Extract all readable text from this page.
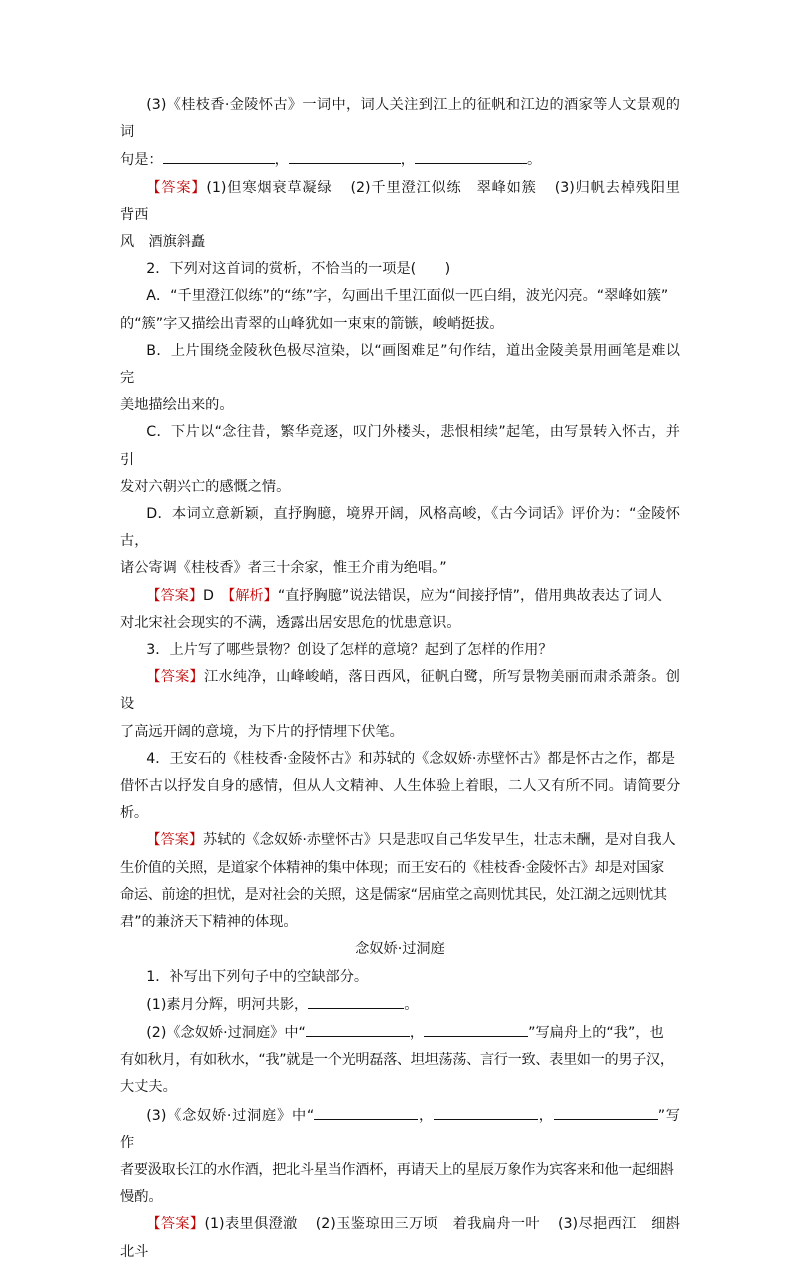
(3)《桂枝香·金陵怀古》一词中，词人关注到江上的征帆和江边的酒家等人文景观的词

句是：	，	，	。

【答案】(1)但寒烟衰草凝绿 (2)千里澄江似练　翠峰如簇 (3)归帆去棹残阳里　背西

风　酒旗斜矗

2．下列对这首词的赏析，不恰当的一项是(　　)

A．“千里澄江似练”的“练”字，勾画出千里江面似一匹白绢，波光闪亮。“翠峰如簇”

的“簇”字又描绘出青翠的山峰犹如一束束的箭镞，峻峭挺拔。

B．上片围绕金陵秋色极尽渲染，以“画图难足”句作结，道出金陵美景用画笔是难以完

美地描绘出来的。

C．下片以“念往昔，繁华竞逐，叹门外楼头，悲恨相续”起笔，由写景转入怀古，并引

发对六朝兴亡的感慨之情。

D．本词立意新颖，直抒胸臆，境界开阔，风格高峻，《古今词话》评价为：“金陵怀古，

诸公寄调《桂枝香》者三十余家，惟王介甫为绝唱。”

【答案】D　【解析】“直抒胸臆”说法错误，应为“间接抒情”，借用典故表达了词人

对北宋社会现实的不满，透露出居安思危的忧患意识。

3．上片写了哪些景物？创设了怎样的意境？起到了怎样的作用？

【答案】江水纯净，山峰峻峭，落日西风，征帆白鹭，所写景物美丽而肃杀萧条。创设

了高远开阔的意境，为下片的抒情埋下伏笔。

4．王安石的《桂枝香·金陵怀古》和苏轼的《念奴娇·赤壁怀古》都是怀古之作，都是

借怀古以抒发自身的感情，但从人文精神、人生体验上着眼，二人又有所不同。请简要分析。

【答案】苏轼的《念奴娇·赤壁怀古》只是悲叹自己华发早生，壮志未酬，是对自我人

生价值的关照，是道家个体精神的集中体现；而王安石的《桂枝香·金陵怀古》却是对国家

命运、前途的担忧，是对社会的关照，这是儒家“居庙堂之高则忧其民，处江湖之远则忧其

君”的兼济天下精神的体现。

念奴娇·过洞庭

1．补写出下列句子中的空缺部分。

(1)素月分辉，明河共影，	。

(2)《念奴娇·过洞庭》中“	，	”写扁舟上的“我”，也

有如秋月，有如秋水，“我”就是一个光明磊落、坦坦荡荡、言行一致、表里如一的男子汉，

大丈夫。

(3)《念奴娇·过洞庭》中“	，	，	”写作

者要汲取长江的水作酒，把北斗星当作酒杯，再请天上的星辰万象作为宾客来和他一起细斟

慢酌。

【答案】(1)表里俱澄澈 (2)玉鉴琼田三万顷　着我扁舟一叶 (3)尽挹西江　细斟北斗
